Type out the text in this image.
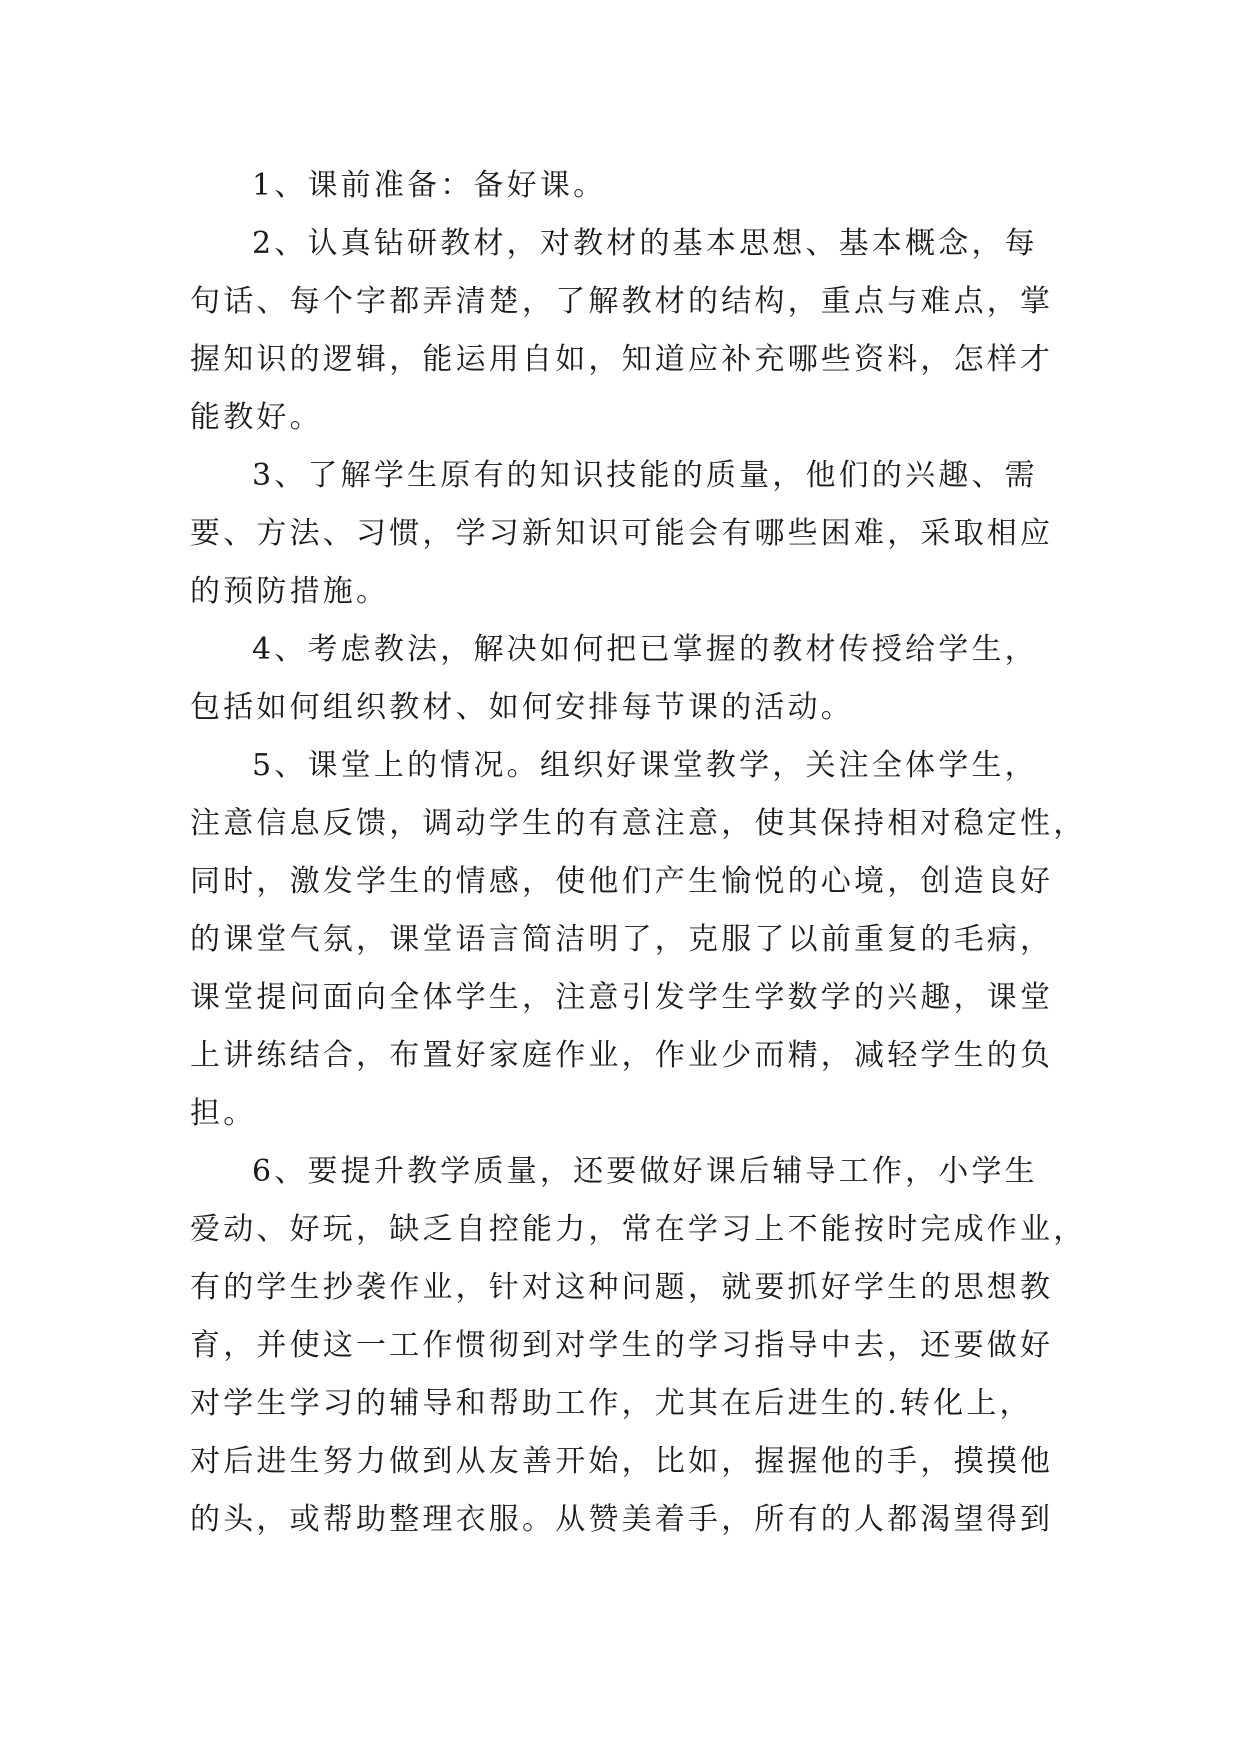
1、课前准备：备好课。
2、认真钻研教材，对教材的基本思想、基本概念，每
句话、每个字都弄清楚，了解教材的结构，重点与难点，掌
握知识的逻辑，能运用自如，知道应补充哪些资料，怎样才
能教好。
3、了解学生原有的知识技能的质量，他们的兴趣、需
要、方法、习惯，学习新知识可能会有哪些困难，采取相应
的预防措施。
4、考虑教法，解决如何把已掌握的教材传授给学生，
包括如何组织教材、如何安排每节课的活动。
5、课堂上的情况。组织好课堂教学，关注全体学生，
注意信息反馈，调动学生的有意注意，使其保持相对稳定性，
同时，激发学生的情感，使他们产生愉悦的心境，创造良好
的课堂气氛，课堂语言简洁明了，克服了以前重复的毛病，
课堂提问面向全体学生，注意引发学生学数学的兴趣，课堂
上讲练结合，布置好家庭作业，作业少而精，减轻学生的负
担。
6、要提升教学质量，还要做好课后辅导工作，小学生
爱动、好玩，缺乏自控能力，常在学习上不能按时完成作业，
有的学生抄袭作业，针对这种问题，就要抓好学生的思想教
育，并使这一工作惯彻到对学生的学习指导中去，还要做好
对学生学习的辅导和帮助工作，尤其在后进生的.转化上，
对后进生努力做到从友善开始，比如，握握他的手，摸摸他
的头，或帮助整理衣服。从赞美着手，所有的人都渴望得到
